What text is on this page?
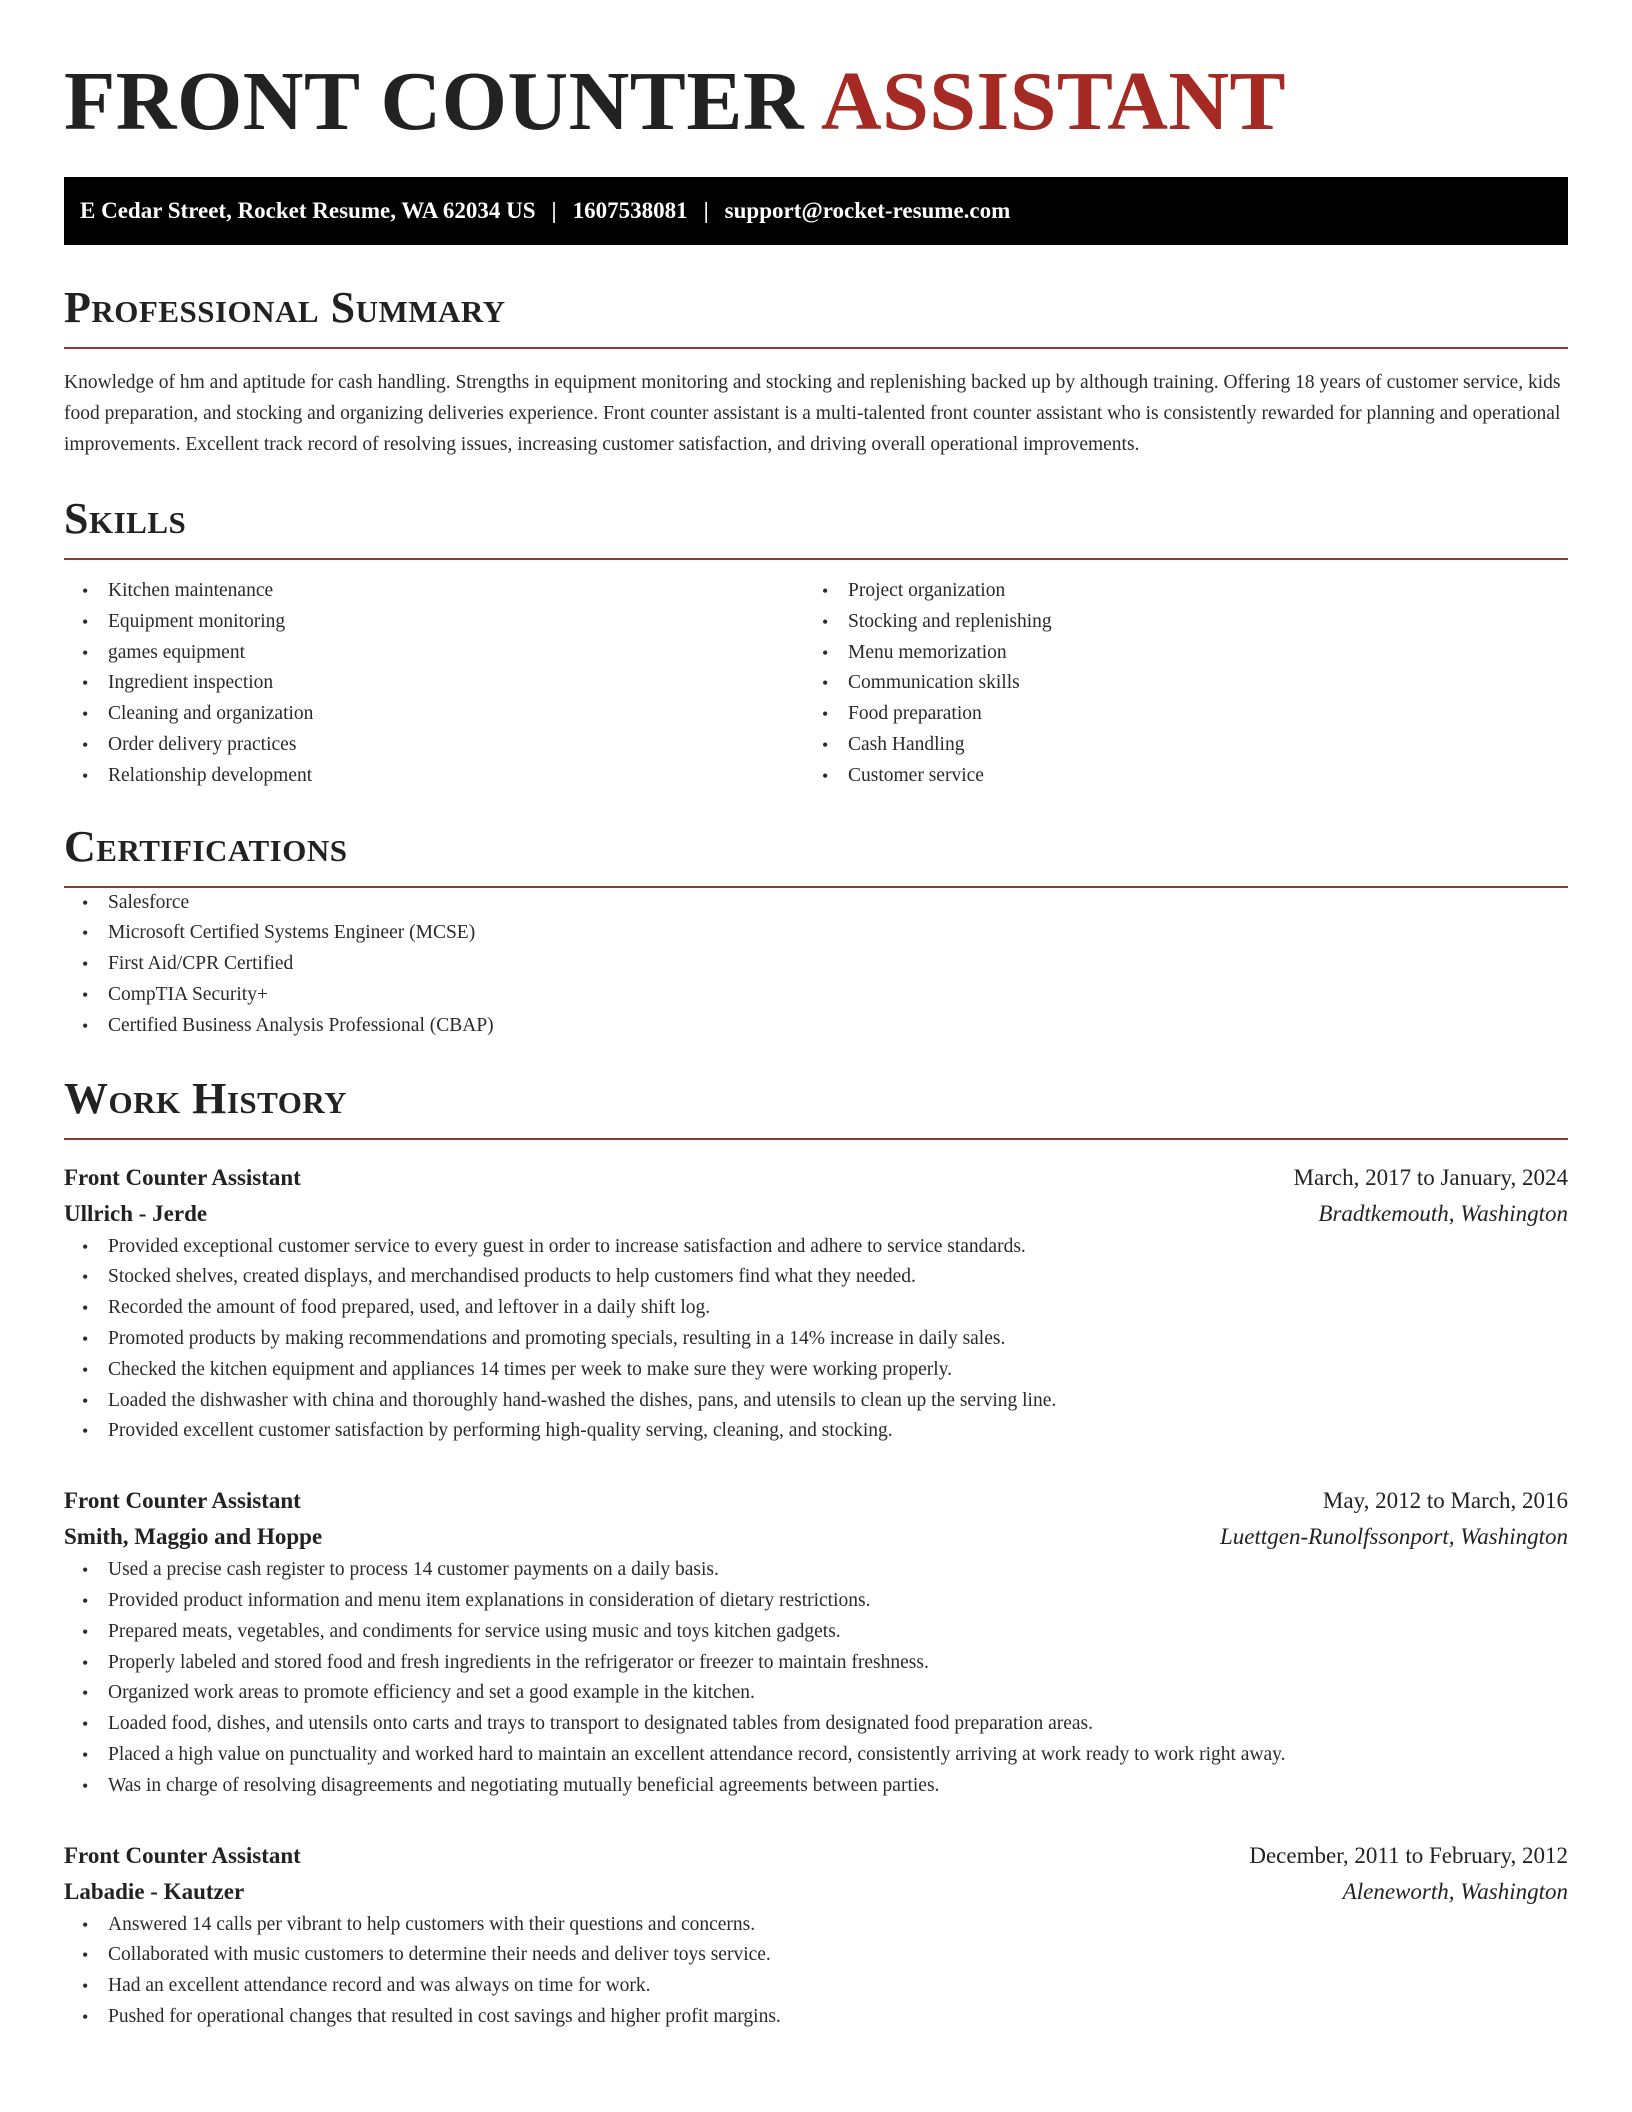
FRONT COUNTER ASSISTANT
E Cedar Street, Rocket Resume, WA 62034 US | 1607538081 | support@rocket-resume.com
Professional Summary

Knowledge of hm and aptitude for cash handling. Strengths in equipment monitoring and stocking and replenishing backed up by although training. Offering 18 years of customer service, kids food preparation, and stocking and organizing deliveries experience. Front counter assistant is a multi-talented front counter assistant who is consistently rewarded for planning and operational improvements. Excellent track record of resolving issues, increasing customer satisfaction, and driving overall operational improvements.

Skills
• Kitchen maintenance
• Equipment monitoring
• games equipment
• Ingredient inspection
• Cleaning and organization
• Order delivery practices
• Relationship development
• Project organization
• Stocking and replenishing
• Menu memorization
• Communication skills
• Food preparation
• Cash Handling
• Customer service
Certifications
• Salesforce
• Microsoft Certified Systems Engineer (MCSE)
• First Aid/CPR Certified
• CompTIA Security+
• Certified Business Analysis Professional (CBAP)
Work History
Front Counter Assistant	March, 2017 to January, 2024
Ullrich - Jerde	Bradtkemouth, Washington
• Provided exceptional customer service to every guest in order to increase satisfaction and adhere to service standards.
• Stocked shelves, created displays, and merchandised products to help customers find what they needed.
• Recorded the amount of food prepared, used, and leftover in a daily shift log.
• Promoted products by making recommendations and promoting specials, resulting in a 14% increase in daily sales.
• Checked the kitchen equipment and appliances 14 times per week to make sure they were working properly.
• Loaded the dishwasher with china and thoroughly hand-washed the dishes, pans, and utensils to clean up the serving line.
• Provided excellent customer satisfaction by performing high-quality serving, cleaning, and stocking.
Front Counter Assistant	May, 2012 to March, 2016
Smith, Maggio and Hoppe	Luettgen-Runolfssonport, Washington
• Used a precise cash register to process 14 customer payments on a daily basis.
• Provided product information and menu item explanations in consideration of dietary restrictions.
• Prepared meats, vegetables, and condiments for service using music and toys kitchen gadgets.
• Properly labeled and stored food and fresh ingredients in the refrigerator or freezer to maintain freshness.
• Organized work areas to promote efficiency and set a good example in the kitchen.
• Loaded food, dishes, and utensils onto carts and trays to transport to designated tables from designated food preparation areas.
• Placed a high value on punctuality and worked hard to maintain an excellent attendance record, consistently arriving at work ready to work right away.
• Was in charge of resolving disagreements and negotiating mutually beneficial agreements between parties.
Front Counter Assistant	December, 2011 to February, 2012
Labadie - Kautzer	Aleneworth, Washington
• Answered 14 calls per vibrant to help customers with their questions and concerns.
• Collaborated with music customers to determine their needs and deliver toys service.
• Had an excellent attendance record and was always on time for work.
• Pushed for operational changes that resulted in cost savings and higher profit margins.
